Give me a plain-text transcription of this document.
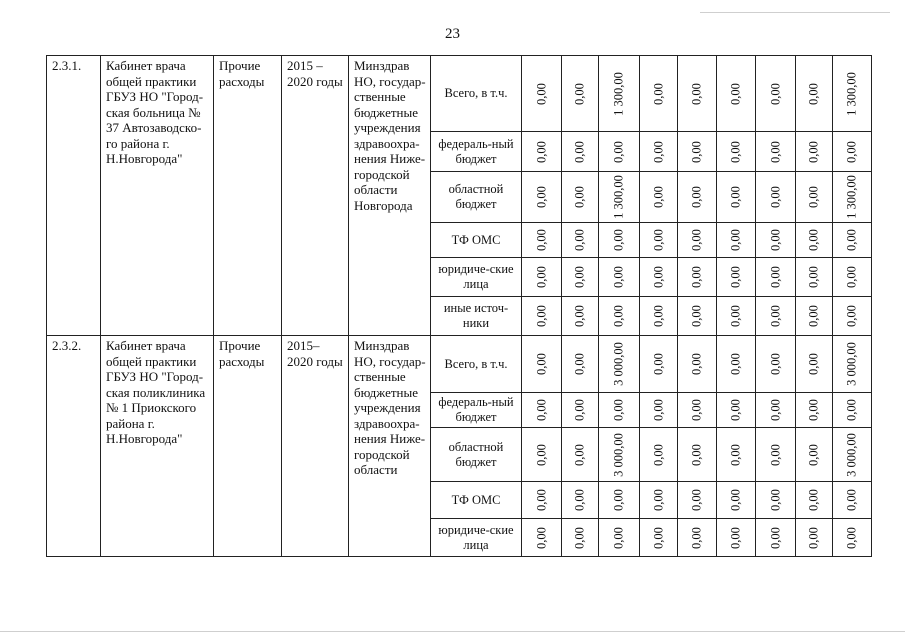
23
2.3.1.	Кабинет врача общей практики ГБУЗ НО "Город-ская больница № 37 Автозаводско-го района г. Н.Новгорода"	Прочие расходы	2015 – 2020 годы	Минздрав НО, государ-ственные бюджетные учреждения здравоохра-нения Ниже-городской области Новгорода	Всего, в т.ч.	0,00	0,00	1 300,00	0,00	0,00	0,00	0,00	0,00	1 300,00

					федераль-ный бюджет	0,00	0,00	0,00	0,00	0,00	0,00	0,00	0,00	0,00

					областной бюджет	0,00	0,00	1 300,00	0,00	0,00	0,00	0,00	0,00	1 300,00

					ТФ ОМС	0,00	0,00	0,00	0,00	0,00	0,00	0,00	0,00	0,00

					юридиче-ские лица	0,00	0,00	0,00	0,00	0,00	0,00	0,00	0,00	0,00

					иные источ-ники	0,00	0,00	0,00	0,00	0,00	0,00	0,00	0,00	0,00

2.3.2.	Кабинет врача общей практики ГБУЗ НО "Город-ская поликлиника № 1 Приокского района г. Н.Новгорода"	Прочие расходы	2015– 2020 годы	Минздрав НО, государ-ственные бюджетные учреждения здравоохра-нения Ниже-городской области	Всего, в т.ч.	0,00	0,00	3 000,00	0,00	0,00	0,00	0,00	0,00	3 000,00

					федераль-ный бюджет	0,00	0,00	0,00	0,00	0,00	0,00	0,00	0,00	0,00

					областной бюджет	0,00	0,00	3 000,00	0,00	0,00	0,00	0,00	0,00	3 000,00

					ТФ ОМС	0,00	0,00	0,00	0,00	0,00	0,00	0,00	0,00	0,00

					юридиче-ские лица	0,00	0,00	0,00	0,00	0,00	0,00	0,00	0,00	0,00
